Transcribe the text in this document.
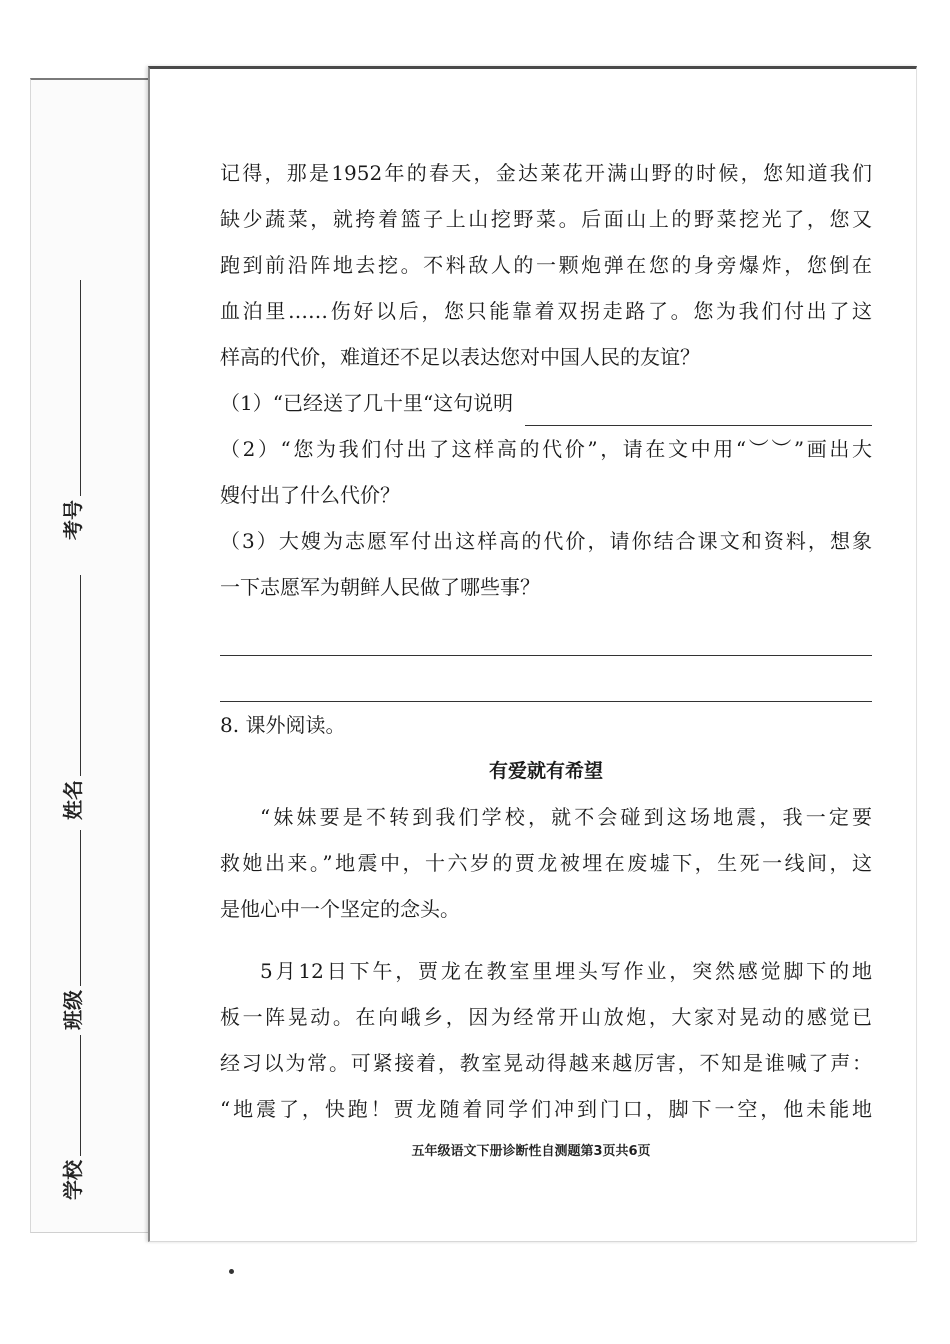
考号
姓名
班级
学校

记得，那是1952年的春天，金达莱花开满山野的时候，您知道我们

缺少蔬菜，就挎着篮子上山挖野菜。后面山上的野菜挖光了，您又

跑到前沿阵地去挖。不料敌人的一颗炮弹在您的身旁爆炸，您倒在

血泊里……伤好以后，您只能靠着双拐走路了。您为我们付出了这

样高的代价，难道还不足以表达您对中国人民的友谊？

（1）“已经送了几十里“这句说明

（2）“您为我们付出了这样高的代价”，请在文中用“︶︶”画出大

嫂付出了什么代价？

（3）大嫂为志愿军付出这样高的代价，请你结合课文和资料，想象

一下志愿军为朝鲜人民做了哪些事？

8. 课外阅读。

有爱就有希望

“妹妹要是不转到我们学校，就不会碰到这场地震，我一定要

救她出来。”地震中，十六岁的贾龙被埋在废墟下，生死一线间，这

是他心中一个坚定的念头。

5月12日下午，贾龙在教室里埋头写作业，突然感觉脚下的地

板一阵晃动。在向峨乡，因为经常开山放炮，大家对晃动的感觉已

经习以为常。可紧接着，教室晃动得越来越厉害，不知是谁喊了声：

“地震了，快跑！贾龙随着同学们冲到门口，脚下一空，他未能地

五年级语文下册诊断性自测题第3页共6页
